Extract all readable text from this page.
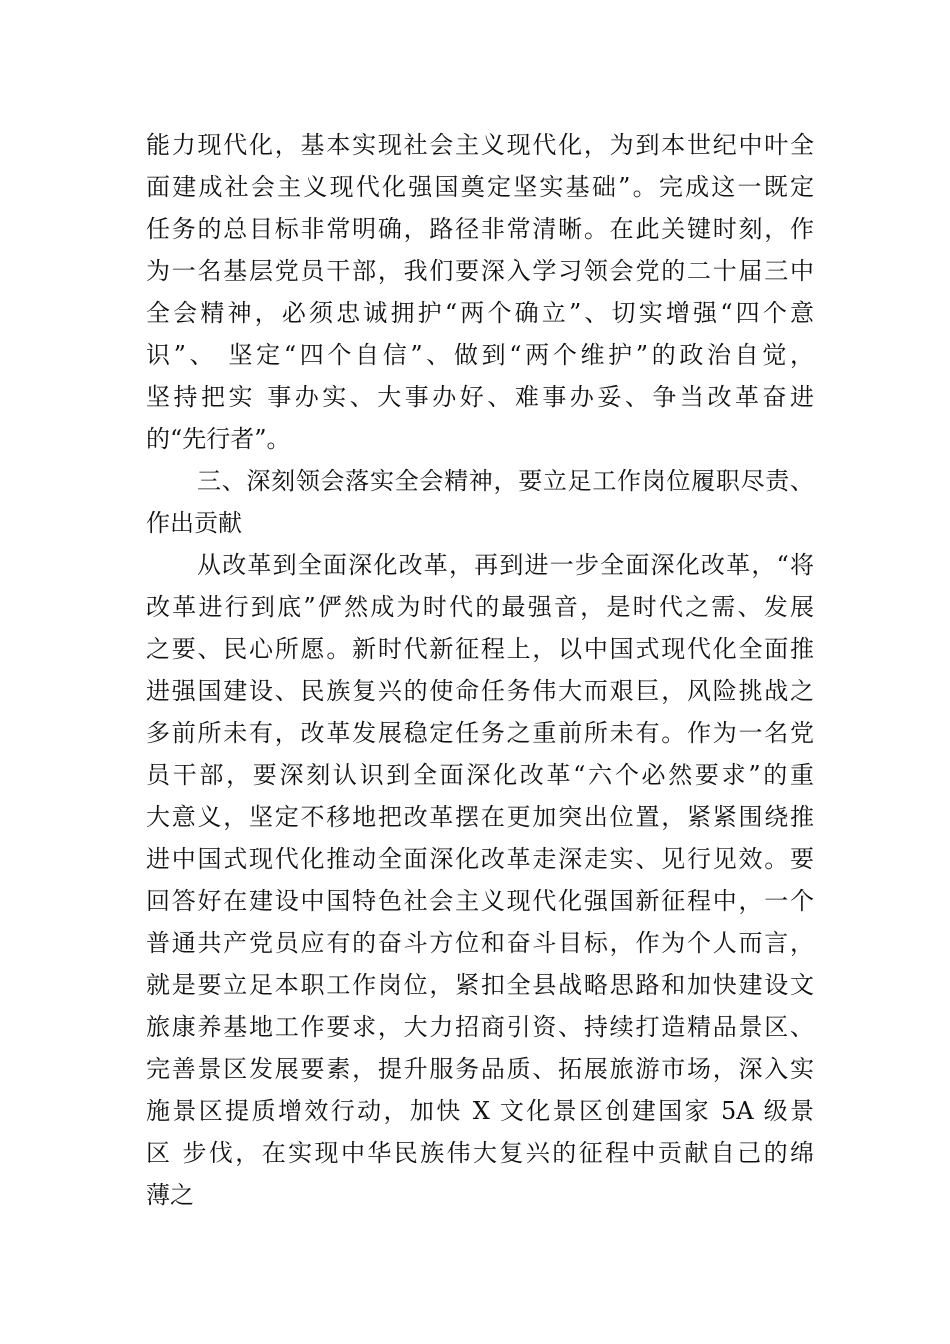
能力现代化，基本实现社会主义现代化，为到本世纪中叶全
面建成社会主义现代化强国奠定坚实基础”。完成这一既定
任务的总目标非常明确，路径非常清晰。在此关键时刻，作
为一名基层党员干部，我们要深入学习领会党的二十届三中
全会精神，必须忠诚拥护“两个确立”、切实增强“四个意
识”、 坚定“四个自信”、做到“两个维护”的政治自觉，
坚持把实 事办实、大事办好、难事办妥、争当改革奋进
的“先行者”。
三、深刻领会落实全会精神，要立足工作岗位履职尽责、
作出贡献
从改革到全面深化改革，再到进一步全面深化改革，“将
改革进行到底”俨然成为时代的最强音，是时代之需、发展
之要、民心所愿。新时代新征程上，以中国式现代化全面推
进强国建设、民族复兴的使命任务伟大而艰巨，风险挑战之
多前所未有，改革发展稳定任务之重前所未有。作为一名党
员干部，要深刻认识到全面深化改革“六个必然要求”的重
大意义，坚定不移地把改革摆在更加突出位置，紧紧围绕推
进中国式现代化推动全面深化改革走深走实、见行见效。要
回答好在建设中国特色社会主义现代化强国新征程中，一个
普通共产党员应有的奋斗方位和奋斗目标，作为个人而言，
就是要立足本职工作岗位，紧扣全县战略思路和加快建设文
旅康养基地工作要求，大力招商引资、持续打造精品景区、
完善景区发展要素，提升服务品质、拓展旅游市场，深入实
施景区提质增效行动，加快 X 文化景区创建国家 5A 级景
区 步伐，在实现中华民族伟大复兴的征程中贡献自己的绵
薄之
